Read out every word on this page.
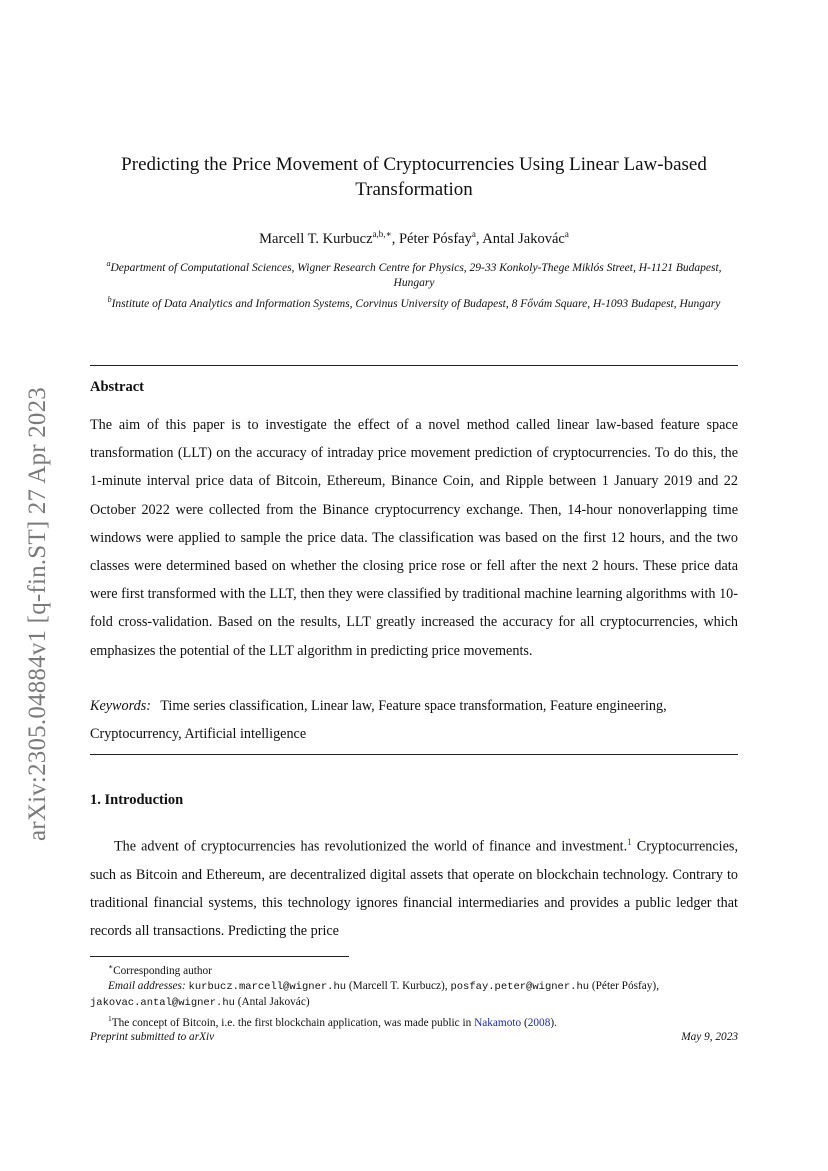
arXiv:2305.04884v1 [q-fin.ST] 27 Apr 2023
Predicting the Price Movement of Cryptocurrencies Using Linear Law-based Transformation
Marcell T. Kurbucz$^{a,b,∗}$, Péter Pósfay$^a$, Antal Jakovác$^a$
$^a$Department of Computational Sciences, Wigner Research Centre for Physics, 29-33 Konkoly-Thege Miklós Street, H-1121 Budapest, Hungary
$^b$Institute of Data Analytics and Information Systems, Corvinus University of Budapest, 8 Fővám Square, H-1093 Budapest, Hungary
Abstract

The aim of this paper is to investigate the effect of a novel method called linear law-based feature space transformation (LLT) on the accuracy of intraday price movement prediction of cryptocurrencies. To do this, the 1-minute interval price data of Bitcoin, Ethereum, Binance Coin, and Ripple between 1 January 2019 and 22 October 2022 were collected from the Binance cryptocurrency exchange. Then, 14-hour nonoverlapping time windows were applied to sample the price data. The classification was based on the first 12 hours, and the two classes were determined based on whether the closing price rose or fell after the next 2 hours. These price data were first transformed with the LLT, then they were classified by traditional machine learning algorithms with 10-fold cross-validation. Based on the results, LLT greatly increased the accuracy for all cryptocurrencies, which emphasizes the potential of the LLT algorithm in predicting price movements.

Keywords: Time series classification, Linear law, Feature space transformation, Feature engineering, Cryptocurrency, Artificial intelligence

1. Introduction

The advent of cryptocurrencies has revolutionized the world of finance and investment.$^1$ Cryptocurrencies, such as Bitcoin and Ethereum, are decentralized digital assets that operate on blockchain technology. Contrary to traditional financial systems, this technology ignores financial intermediaries and provides a public ledger that records all transactions. Predicting the price

∗Corresponding author

Email addresses: kurbucz.marcell@wigner.hu (Marcell T. Kurbucz), posfay.peter@wigner.hu (Péter Pósfay), jakovac.antal@wigner.hu (Antal Jakovác)

$^1$The concept of Bitcoin, i.e. the first blockchain application, was made public in Nakamoto (2008).

Preprint submitted to arXiv	May 9, 2023
